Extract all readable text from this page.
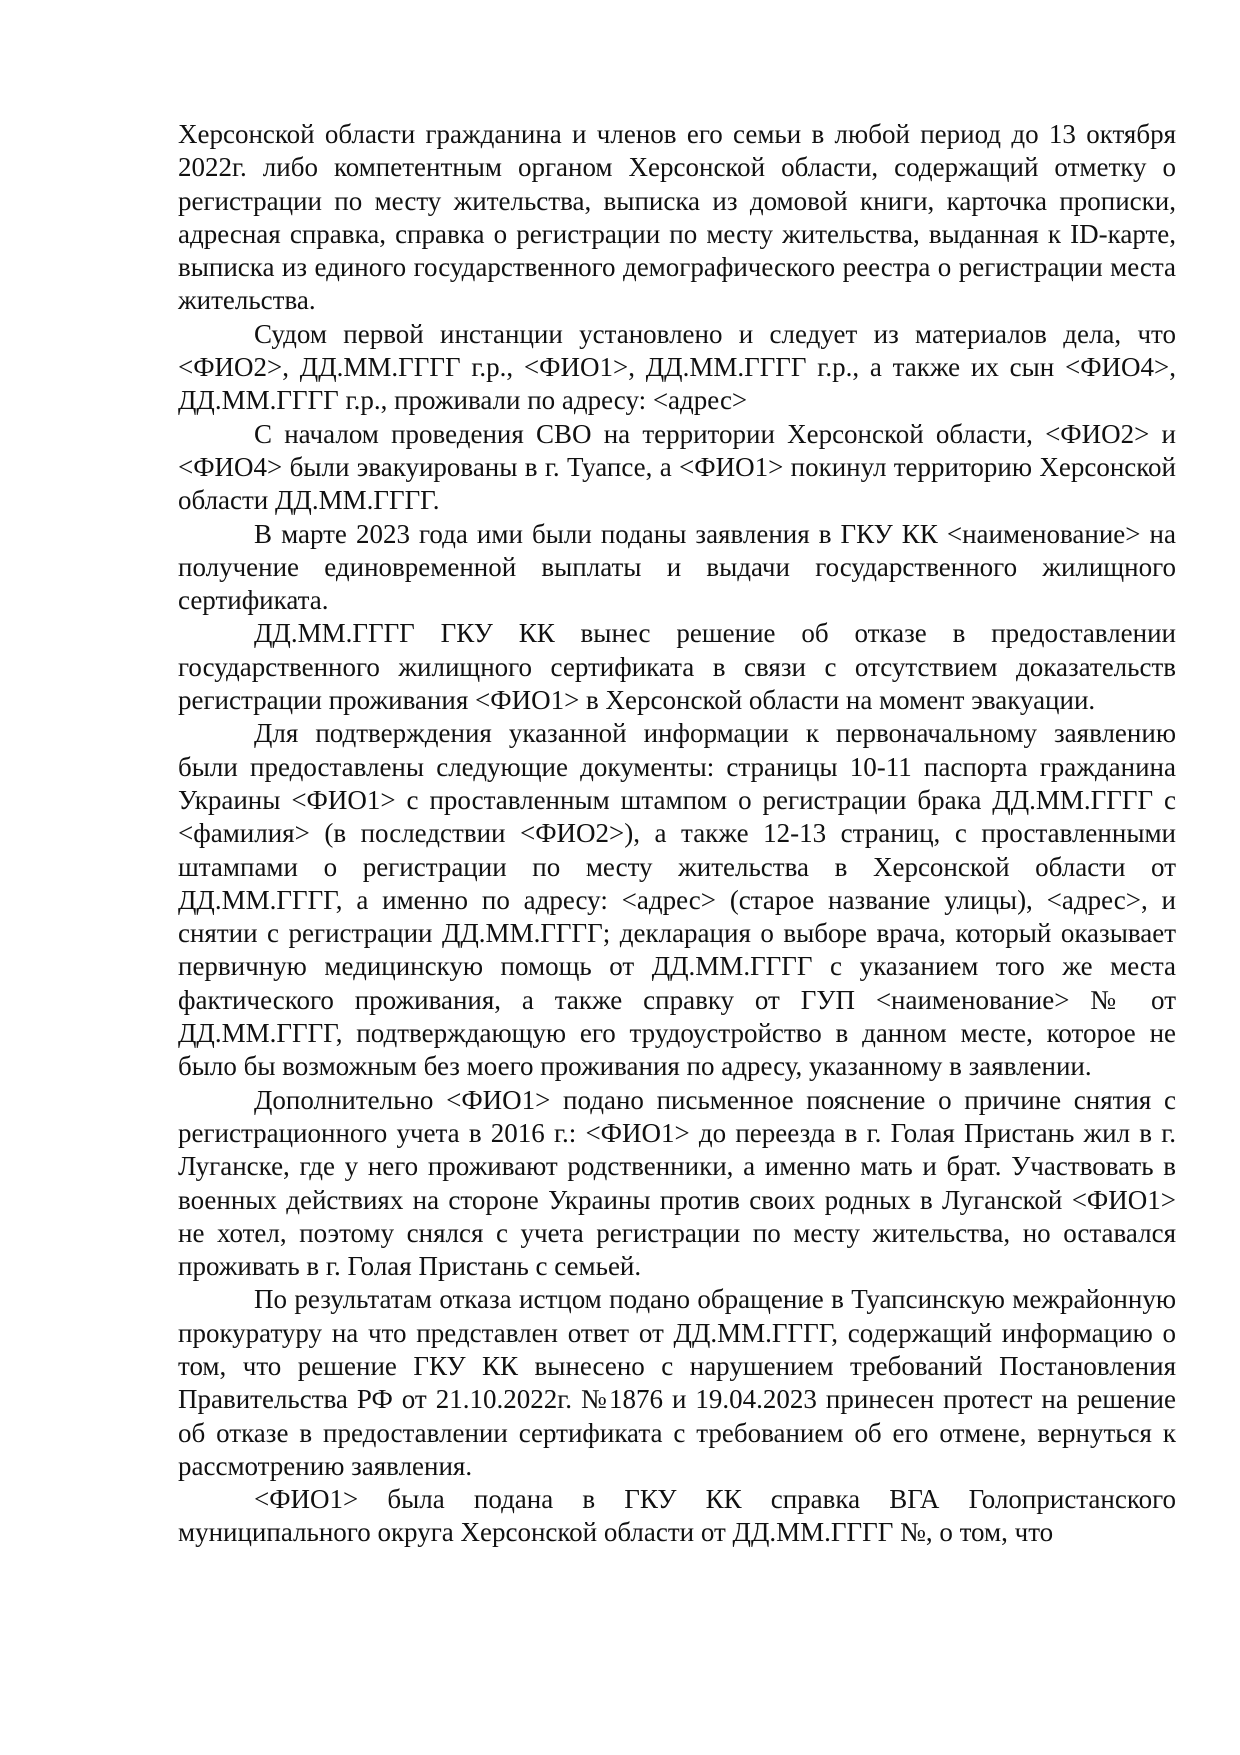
Херсонской области гражданина и членов его семьи в любой период до 13 октября 2022г. либо компетентным органом Херсонской области, содержащий отметку о регистрации по месту жительства, выписка из домовой книги, карточка прописки, адресная справка, справка о регистрации по месту жительства, выданная к ID-карте, выписка из единого государственного демографического реестра о регистрации места жительства.

Судом первой инстанции установлено и следует из материалов дела, что <ФИО2>, ДД.ММ.ГГГГ г.р., <ФИО1>, ДД.ММ.ГГГГ г.р., а также их сын <ФИО4>, ДД.ММ.ГГГГ г.р., проживали по адресу: <адрес>

С началом проведения СВО на территории Херсонской области, <ФИО2> и <ФИО4> были эвакуированы в г. Туапсе, а <ФИО1> покинул территорию Херсонской области ДД.ММ.ГГГГ.

В марте 2023 года ими были поданы заявления в ГКУ КК <наименование> на получение единовременной выплаты и выдачи государственного жилищного сертификата.

ДД.ММ.ГГГГ ГКУ КК вынес решение об отказе в предоставлении государственного жилищного сертификата в связи с отсутствием доказательств регистрации проживания <ФИО1> в Херсонской области на момент эвакуации.

Для подтверждения указанной информации к первоначальному заявлению были предоставлены следующие документы: страницы 10-11 паспорта гражданина Украины <ФИО1> с проставленным штампом о регистрации брака ДД.ММ.ГГГГ с <фамилия> (в последствии <ФИО2>), а также 12-13 страниц, с проставленными штампами о регистрации по месту жительства в Херсонской области от ДД.ММ.ГГГГ, а именно по адресу: <адрес> (старое название улицы), <адрес>, и снятии с регистрации ДД.ММ.ГГГГ; декларация о выборе врача, который оказывает первичную медицинскую помощь от ДД.ММ.ГГГГ с указанием того же места фактического проживания, а также справку от ГУП <наименование> № от ДД.ММ.ГГГГ, подтверждающую его трудоустройство в данном месте, которое не было бы возможным без моего проживания по адресу, указанному в заявлении.

Дополнительно <ФИО1> подано письменное пояснение о причине снятия с регистрационного учета в 2016 г.: <ФИО1> до переезда в г. Голая Пристань жил в г. Луганске, где у него проживают родственники, а именно мать и брат. Участвовать в военных действиях на стороне Украины против своих родных в Луганской <ФИО1> не хотел, поэтому снялся с учета регистрации по месту жительства, но оставался проживать в г. Голая Пристань с семьей.

По результатам отказа истцом подано обращение в Туапсинскую межрайонную прокуратуру на что представлен ответ от ДД.ММ.ГГГГ, содержащий информацию о том, что решение ГКУ КК вынесено с нарушением требований Постановления Правительства РФ от 21.10.2022г. №1876 и 19.04.2023 принесен протест на решение об отказе в предоставлении сертификата с требованием об его отмене, вернуться к рассмотрению заявления.

<ФИО1> была подана в ГКУ КК справка ВГА Голопристанского муниципального округа Херсонской области от ДД.ММ.ГГГГ №, о том, что
